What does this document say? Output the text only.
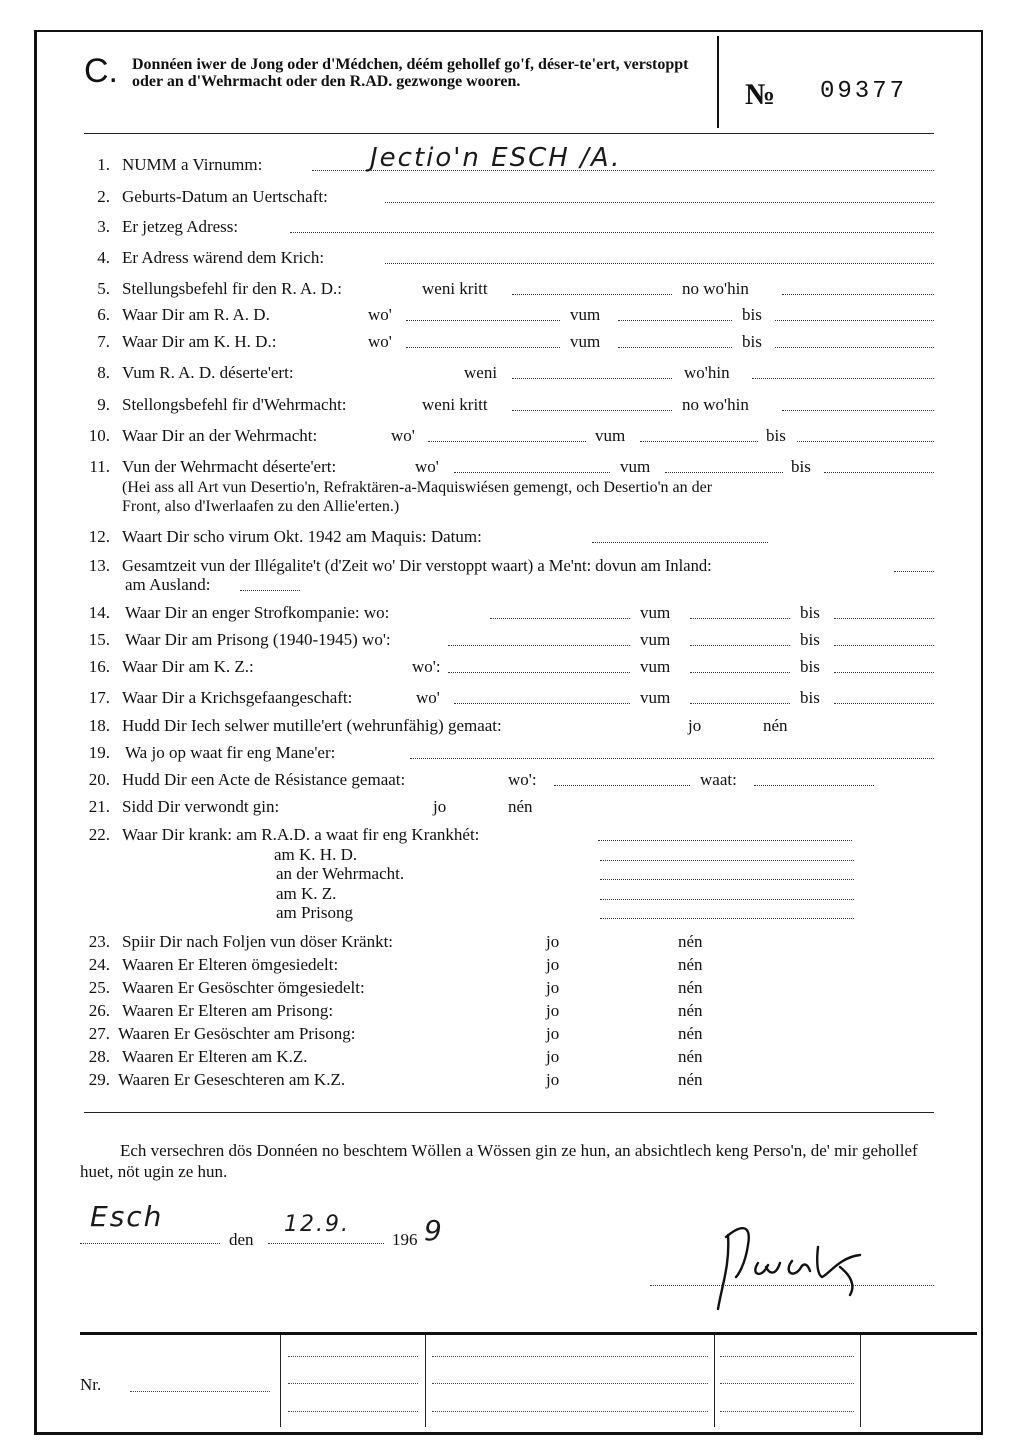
C. Donnéen iwer de Jong oder d'Médchen, déém gehollef go'f, déser-te'ert, verstoppt oder an d'Wehrmacht oder den R.AD. gezwonge wooren.	№ 09377
1. NUMM a Virnumm:	Jectio'n ESCH /A.
2. Geburts-Datum an Uertschaft:
3. Er jetzeg Adress:
4. Er Adress wärend dem Krich:
5. Stellungsbefehl fir den R. A. D.:	weni kritt	no wo'hin
6. Waar Dir am R. A. D.	wo'	vum	bis
7. Waar Dir am K. H. D.:	wo'	vum	bis
8. Vum R. A. D. déserte'ert:	weni	wo'hin
9. Stellongsbefehl fir d'Wehrmacht:	weni kritt	no wo'hin
10. Waar Dir an der Wehrmacht:	wo'	vum	bis
11. Vun der Wehrmacht déserte'ert:	wo'	vum	bis
(Hei ass all Art vun Desertio'n, Refraktären-a-Maquiswiésen gemengt, och Desertio'n an der
Front, also d'Iwerlaafen zu den Allie'erten.)
12. Waart Dir scho virum Okt. 1942 am Maquis: Datum:
13. Gesamtzeit vun der Illégalite't (d'Zeit wo' Dir verstoppt waart) a Me'nt: dovun am Inland:
am Ausland:
14. Waar Dir an enger Strofkompanie: wo:	vum	bis
15. Waar Dir am Prisong (1940-1945) wo':	vum	bis
16. Waar Dir am K. Z.:	wo':	vum	bis
17. Waar Dir a Krichsgefaangeschaft:	wo'	vum	bis
18. Hudd Dir Iech selwer mutille'ert (wehrunfähig) gemaat:	jo	nén
19. Wa jo op waat fir eng Mane'er:
20. Hudd Dir een Acte de Résistance gemaat:	wo':	waat:
21. Sidd Dir verwondt gin:	jo	nén
22. Waar Dir krank: am R.A.D. a waat fir eng Krankhét:
am K. H. D.
an der Wehrmacht.
am K. Z.
am Prisong
23. Spiir Dir nach Foljen vun döser Kränkt:	jo	nén
24. Waaren Er Elteren ömgesiedelt:	jo	nén
25. Waaren Er Gesöschter ömgesiedelt:	jo	nén
26. Waaren Er Elteren am Prisong:	jo	nén
27. Waaren Er Gesöschter am Prisong:	jo	nén
28. Waaren Er Elteren am K.Z.	jo	nén
29. Waaren Er Geseschteren am K.Z.	jo	nén
Ech versechren dös Donnéen no beschtem Wöllen a Wössen gin ze hun, an absichtlech keng Perso'n, de' mir gehollef huet, nöt ugin ze hun.
Esch
den
12.9.
196 9
Nr.
